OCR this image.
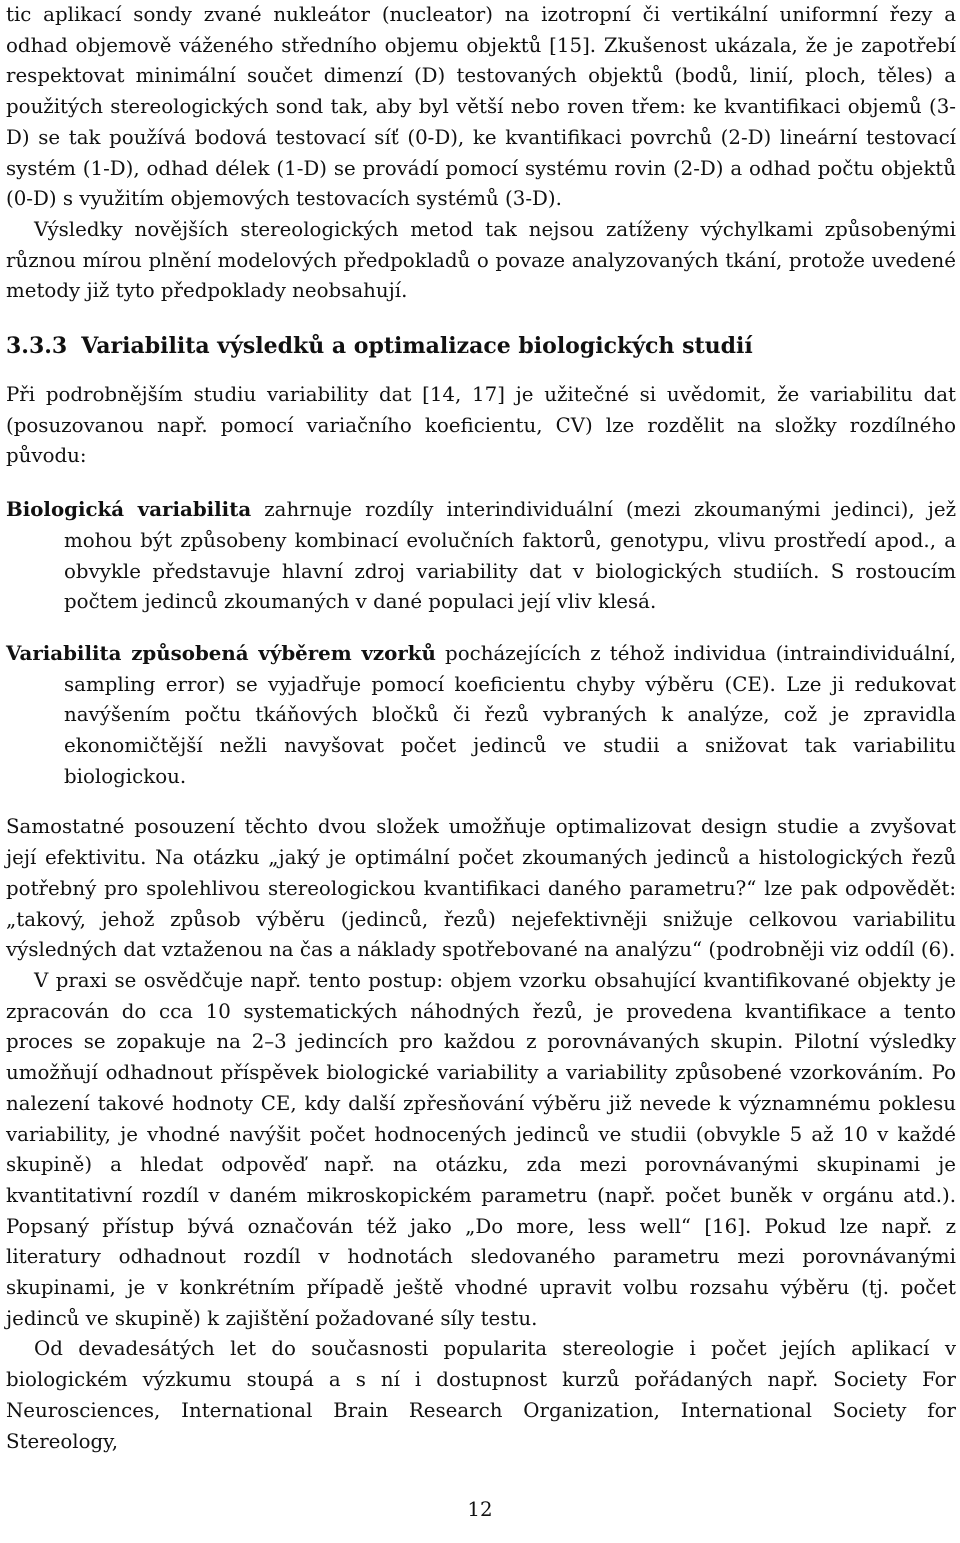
tic aplikací sondy zvané nukleátor (nucleator) na izotropní či vertikální uniformní řezy a odhad objemově váženého středního objemu objektů [15]. Zkušenost ukázala, že je zapotřebí respektovat minimální součet dimenzí (D) testovaných objektů (bodů, linií, ploch, těles) a použitých stereologických sond tak, aby byl větší nebo roven třem: ke kvantifikaci objemů (3-D) se tak používá bodová testovací síť (0-D), ke kvantifikaci povrchů (2-D) lineární testovací systém (1-D), odhad délek (1-D) se provádí pomocí systému rovin (2-D) a odhad počtu objektů (0-D) s využitím objemových testovacích systémů (3-D).

Výsledky novějších stereologických metod tak nejsou zatíženy výchylkami způsobenými různou mírou plnění modelových předpokladů o povaze analyzovaných tkání, protože uvedené metody již tyto předpoklady neobsahují.

3.3.3 Variabilita výsledků a optimalizace biologických studií

Při podrobnějším studiu variability dat [14, 17] je užitečné si uvědomit, že variabilitu dat (posuzovanou např. pomocí variačního koeficientu, CV) lze rozdělit na složky rozdílného původu:

Biologická variabilita zahrnuje rozdíly interindividuální (mezi zkoumanými jedinci), jež mohou být způsobeny kombinací evolučních faktorů, genotypu, vlivu prostředí apod., a obvykle představuje hlavní zdroj variability dat v biologických studiích. S rostoucím počtem jedinců zkoumaných v dané populaci její vliv klesá.
Variabilita způsobená výběrem vzorků pocházejících z téhož individua (intraindividuální, sampling error) se vyjadřuje pomocí koeficientu chyby výběru (CE). Lze ji redukovat navýšením počtu tkáňových bločků či řezů vybraných k analýze, což je zpravidla ekonomičtější nežli navyšovat počet jedinců ve studii a snižovat tak variabilitu biologickou.

Samostatné posouzení těchto dvou složek umožňuje optimalizovat design studie a zvyšovat její efektivitu. Na otázku „jaký je optimální počet zkoumaných jedinců a histologických řezů potřebný pro spolehlivou stereologickou kvantifikaci daného parametru?“ lze pak odpovědět: „takový, jehož způsob výběru (jedinců, řezů) nejefektivněji snižuje celkovou variabilitu výsledných dat vztaženou na čas a náklady spotřebované na analýzu“ (podrobněji viz oddíl (6).

V praxi se osvědčuje např. tento postup: objem vzorku obsahující kvantifikované objekty je zpracován do cca 10 systematických náhodných řezů, je provedena kvantifikace a tento proces se zopakuje na 2–3 jedincích pro každou z porovnávaných skupin. Pilotní výsledky umožňují odhadnout příspěvek biologické variability a variability způsobené vzorkováním. Po nalezení takové hodnoty CE, kdy další zpřesňování výběru již nevede k významnému poklesu variability, je vhodné navýšit počet hodnocených jedinců ve studii (obvykle 5 až 10 v každé skupině) a hledat odpověď např. na otázku, zda mezi porovnávanými skupinami je kvantitativní rozdíl v daném mikroskopickém parametru (např. počet buněk v orgánu atd.). Popsaný přístup bývá označován též jako „Do more, less well“ [16]. Pokud lze např. z literatury odhadnout rozdíl v hodnotách sledovaného parametru mezi porovnávanými skupinami, je v konkrétním případě ještě vhodné upravit volbu rozsahu výběru (tj. počet jedinců ve skupině) k zajištění požadované síly testu.

Od devadesátých let do současnosti popularita stereologie i počet jejích aplikací v biologickém výzkumu stoupá a s ní i dostupnost kurzů pořádaných např. Society For Neurosciences, International Brain Research Organization, International Society for Stereology,

12
